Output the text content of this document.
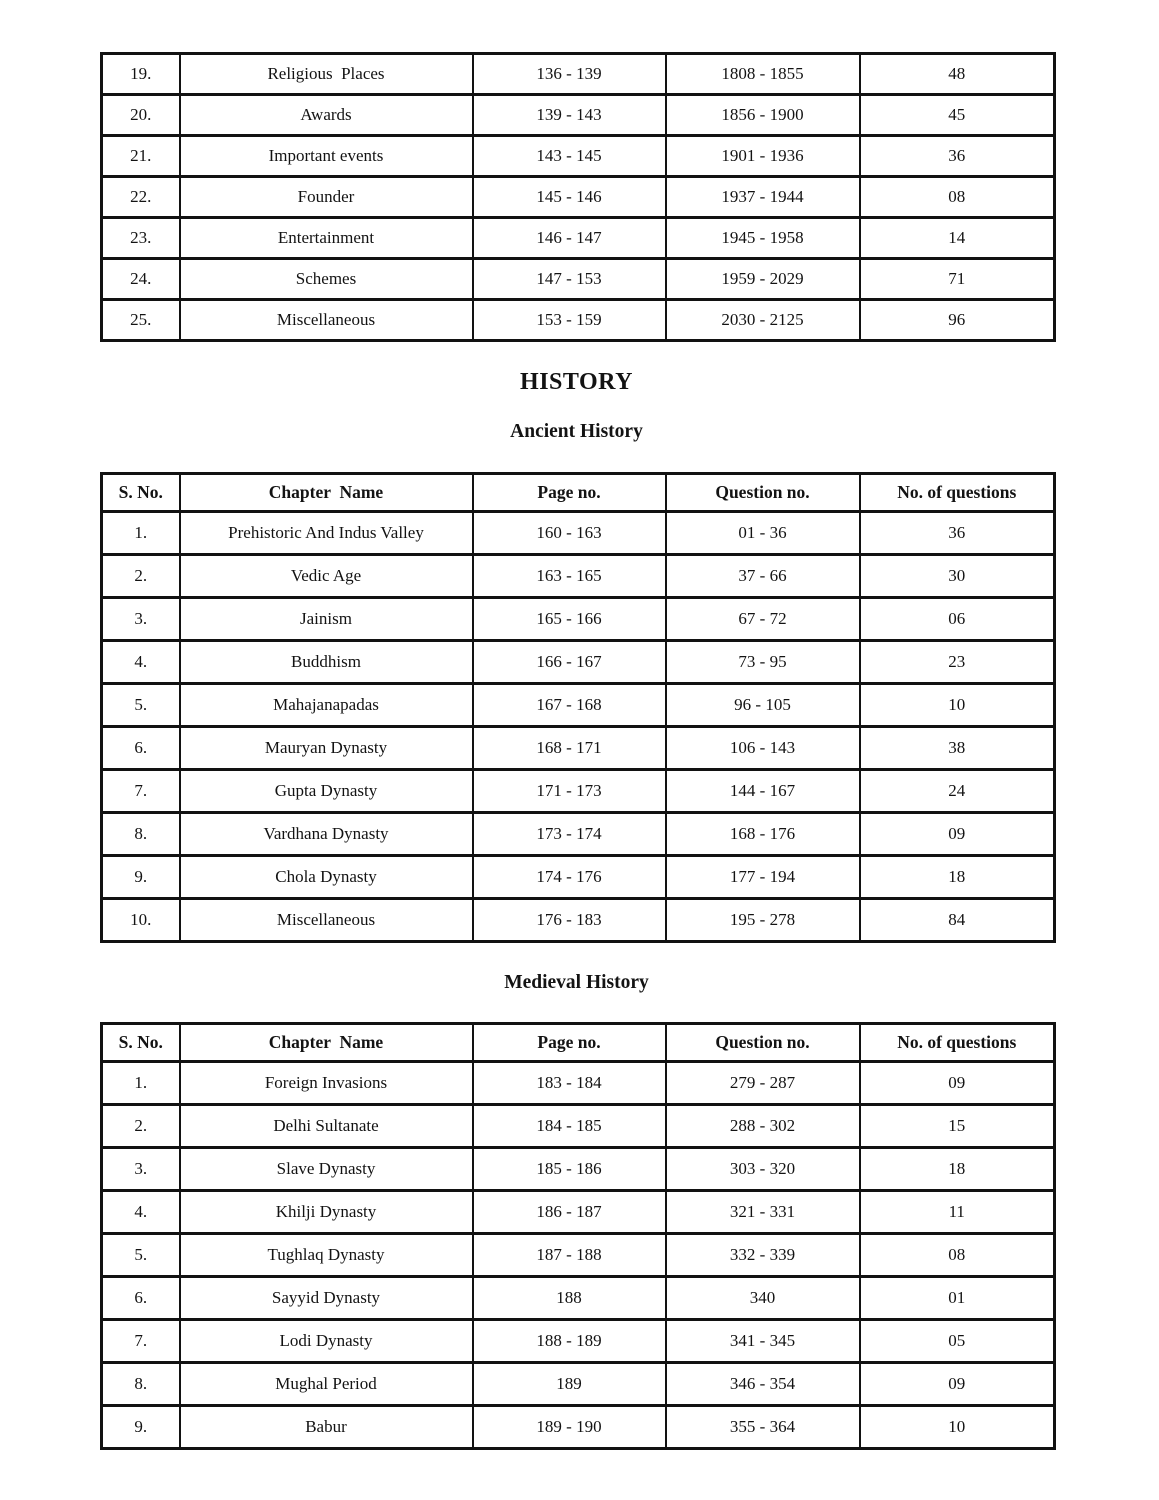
19.	Religious  Places	136 - 139	1808 - 1855	48
20.	Awards	139 - 143	1856 - 1900	45
21.	Important events	143 - 145	1901 - 1936	36
22.	Founder	145 - 146	1937 - 1944	08
23.	Entertainment	146 - 147	1945 - 1958	14
24.	Schemes	147 - 153	1959 - 2029	71
25.	Miscellaneous	153 - 159	2030 - 2125	96
HISTORY
Ancient History
S. No.	Chapter  Name	Page no.	Question no.	No. of questions
1.	Prehistoric And Indus Valley	160 - 163	01 - 36	36
2.	Vedic Age	163 - 165	37 - 66	30
3.	Jainism	165 - 166	67 - 72	06
4.	Buddhism	166 - 167	73 - 95	23
5.	Mahajanapadas	167 - 168	96 - 105	10
6.	Mauryan Dynasty	168 - 171	106 - 143	38
7.	Gupta Dynasty	171 - 173	144 - 167	24
8.	Vardhana Dynasty	173 - 174	168 - 176	09
9.	Chola Dynasty	174 - 176	177 - 194	18
10.	Miscellaneous	176 - 183	195 - 278	84
Medieval History
S. No.	Chapter  Name	Page no.	Question no.	No. of questions
1.	Foreign Invasions	183 - 184	279 - 287	09
2.	Delhi Sultanate	184 - 185	288 - 302	15
3.	Slave Dynasty	185 - 186	303 - 320	18
4.	Khilji Dynasty	186 - 187	321 - 331	11
5.	Tughlaq Dynasty	187 - 188	332 - 339	08
6.	Sayyid Dynasty	188	340	01
7.	Lodi Dynasty	188 - 189	341 - 345	05
8.	Mughal Period	189	346 - 354	09
9.	Babur	189 - 190	355 - 364	10
